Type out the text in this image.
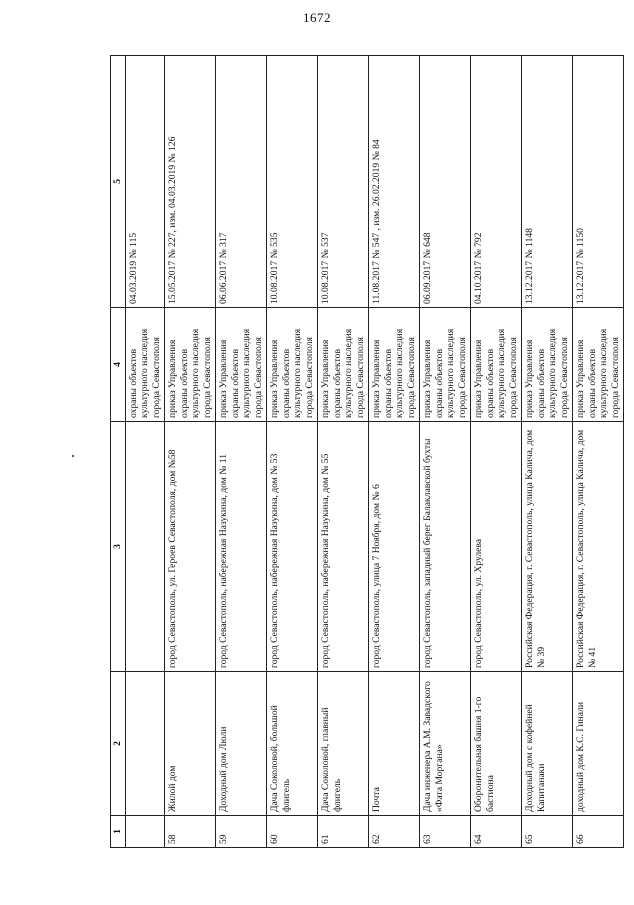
1672
1	2	3	4	5
			охраны объектов культурного наследия города Севастополя	04.03.2019 № 115
58	Жилой дом	город Севастополь, ул. Героев Севастополя, дом №58	приказ Управления охраны объектов культурного наследия города Севастополя	15.05.2017 № 227, изм. 04.03.2019 № 126
59	Доходный дом Люли	город Севастополь, набережная Назукина, дом № 11	приказ Управления охраны объектов культурного наследия города Севастополя	06.06.2017 № 317
60	Дача Соколовой, большой флигель	город Севастополь, набережная Назукина, дом № 53	приказ Управления охраны объектов культурного наследия города Севастополя	10.08.2017 № 535
61	Дача Соколовой, главный флигель	город Севастополь, набережная Назукина, дом № 55	приказ Управления охраны объектов культурного наследия города Севастополя	10.08.2017 № 537
62	Почта	город Севастополь, улица 7 Ноября, дом № 6	приказ Управления охраны объектов культурного наследия города Севастополя	11.08.2017 № 547 , изм. 26.02.2019 № 84
63	Дача инженера А.М. Завадского «Фата Моргана»	город Севастополь, западный берег Балаклавской бухты	приказ Управления охраны объектов культурного наследия города Севастополя	06.09.2017 № 648
64	Оборонительная башня 1-го бастиона	город Севастополь, ул. Хрулева	приказ Управления охраны объектов культурного наследия города Севастополя	04.10.2017 № 792
65	Доходный дом с кофейней Капитанаки	Российская Федерация, г. Севастополь, улица Калича, дом № 39	приказ Управления охраны объектов культурного наследия города Севастополя	13.12.2017 № 1148
66	доходный дом К.С. Гинали	Российская Федерация, г. Севастополь, улица Калича, дом № 41	приказ Управления охраны объектов культурного наследия города Севастополя	13.12.2017 № 1150
